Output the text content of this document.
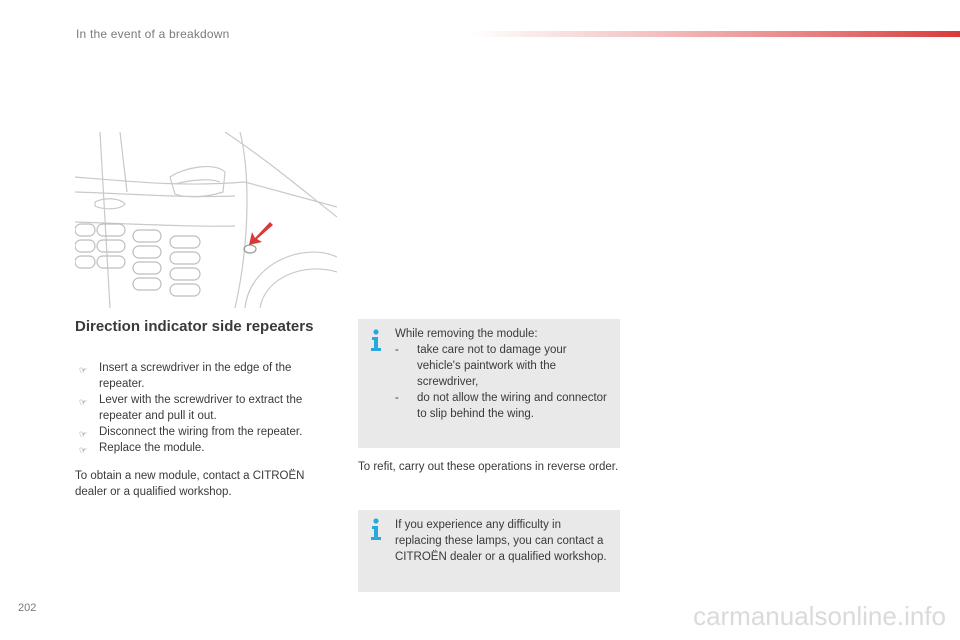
In the event of a breakdown
Direction indicator side repeaters
☞ Insert a screwdriver in the edge of the repeater.
☞ Lever with the screwdriver to extract the repeater and pull it out.
☞ Disconnect the wiring from the repeater.
☞ Replace the module.
To obtain a new module, contact a CITROËN dealer or a qualified workshop.
While removing the module:
- take care not to damage your vehicle's paintwork with the screwdriver,
- do not allow the wiring and connector to slip behind the wing.
To refit, carry out these operations in reverse order.
If you experience any difficulty in replacing these lamps, you can contact a CITROËN dealer or a qualified workshop.
202	carmanualsonline.info
